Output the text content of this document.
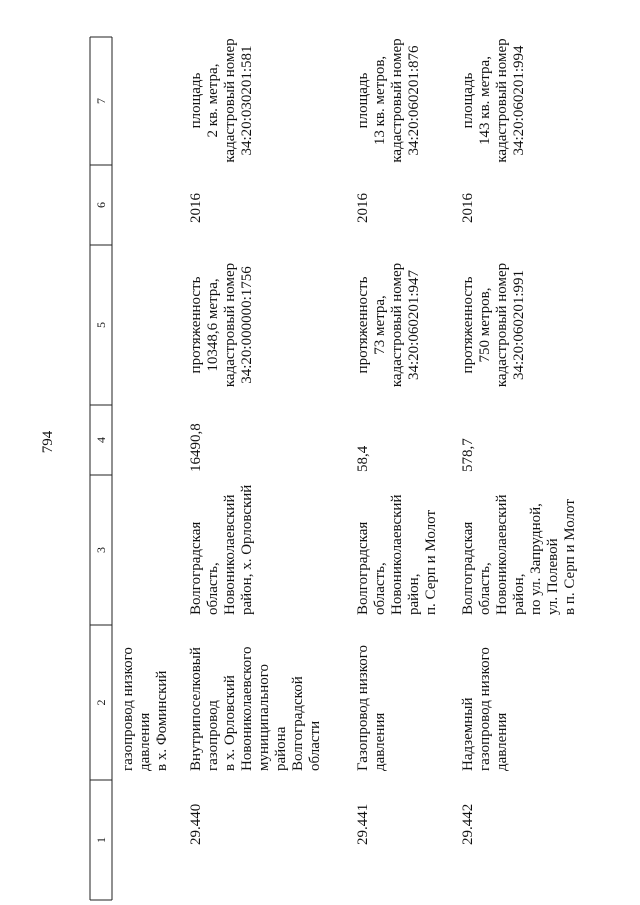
794
1
2
3
4
5
6
7
газопровод низкого давления в х. Фоминский
29.440
Внутрипоселковый газопровод в х. Орловский Новониколаевского муниципального района Волгоградской области
Волгоградская область, Новониколаевский район, х. Орловский
16490,8
протяженность 10348,6 метра, кадастровый номер 34:20:000000:1756
2016
площадь 2 кв. метра, кадастровый номер 34:20:030201:581
29.441
Газопровод низкого давления
Волгоградская область, Новониколаевский район, п. Серп и Молот
58,4
протяженность 73 метра, кадастровый номер 34:20:060201:947
2016
площадь 13 кв. метров, кадастровый номер 34:20:060201:876
29.442
Надземный газопровод низкого давления
Волгоградская область, Новониколаевский район, по ул. Запрудной, ул. Полевой в п. Серп и Молот
578,7
протяженность 750 метров, кадастровый номер 34:20:060201:991
2016
площадь 143 кв. метра, кадастровый номер 34:20:060201:994
